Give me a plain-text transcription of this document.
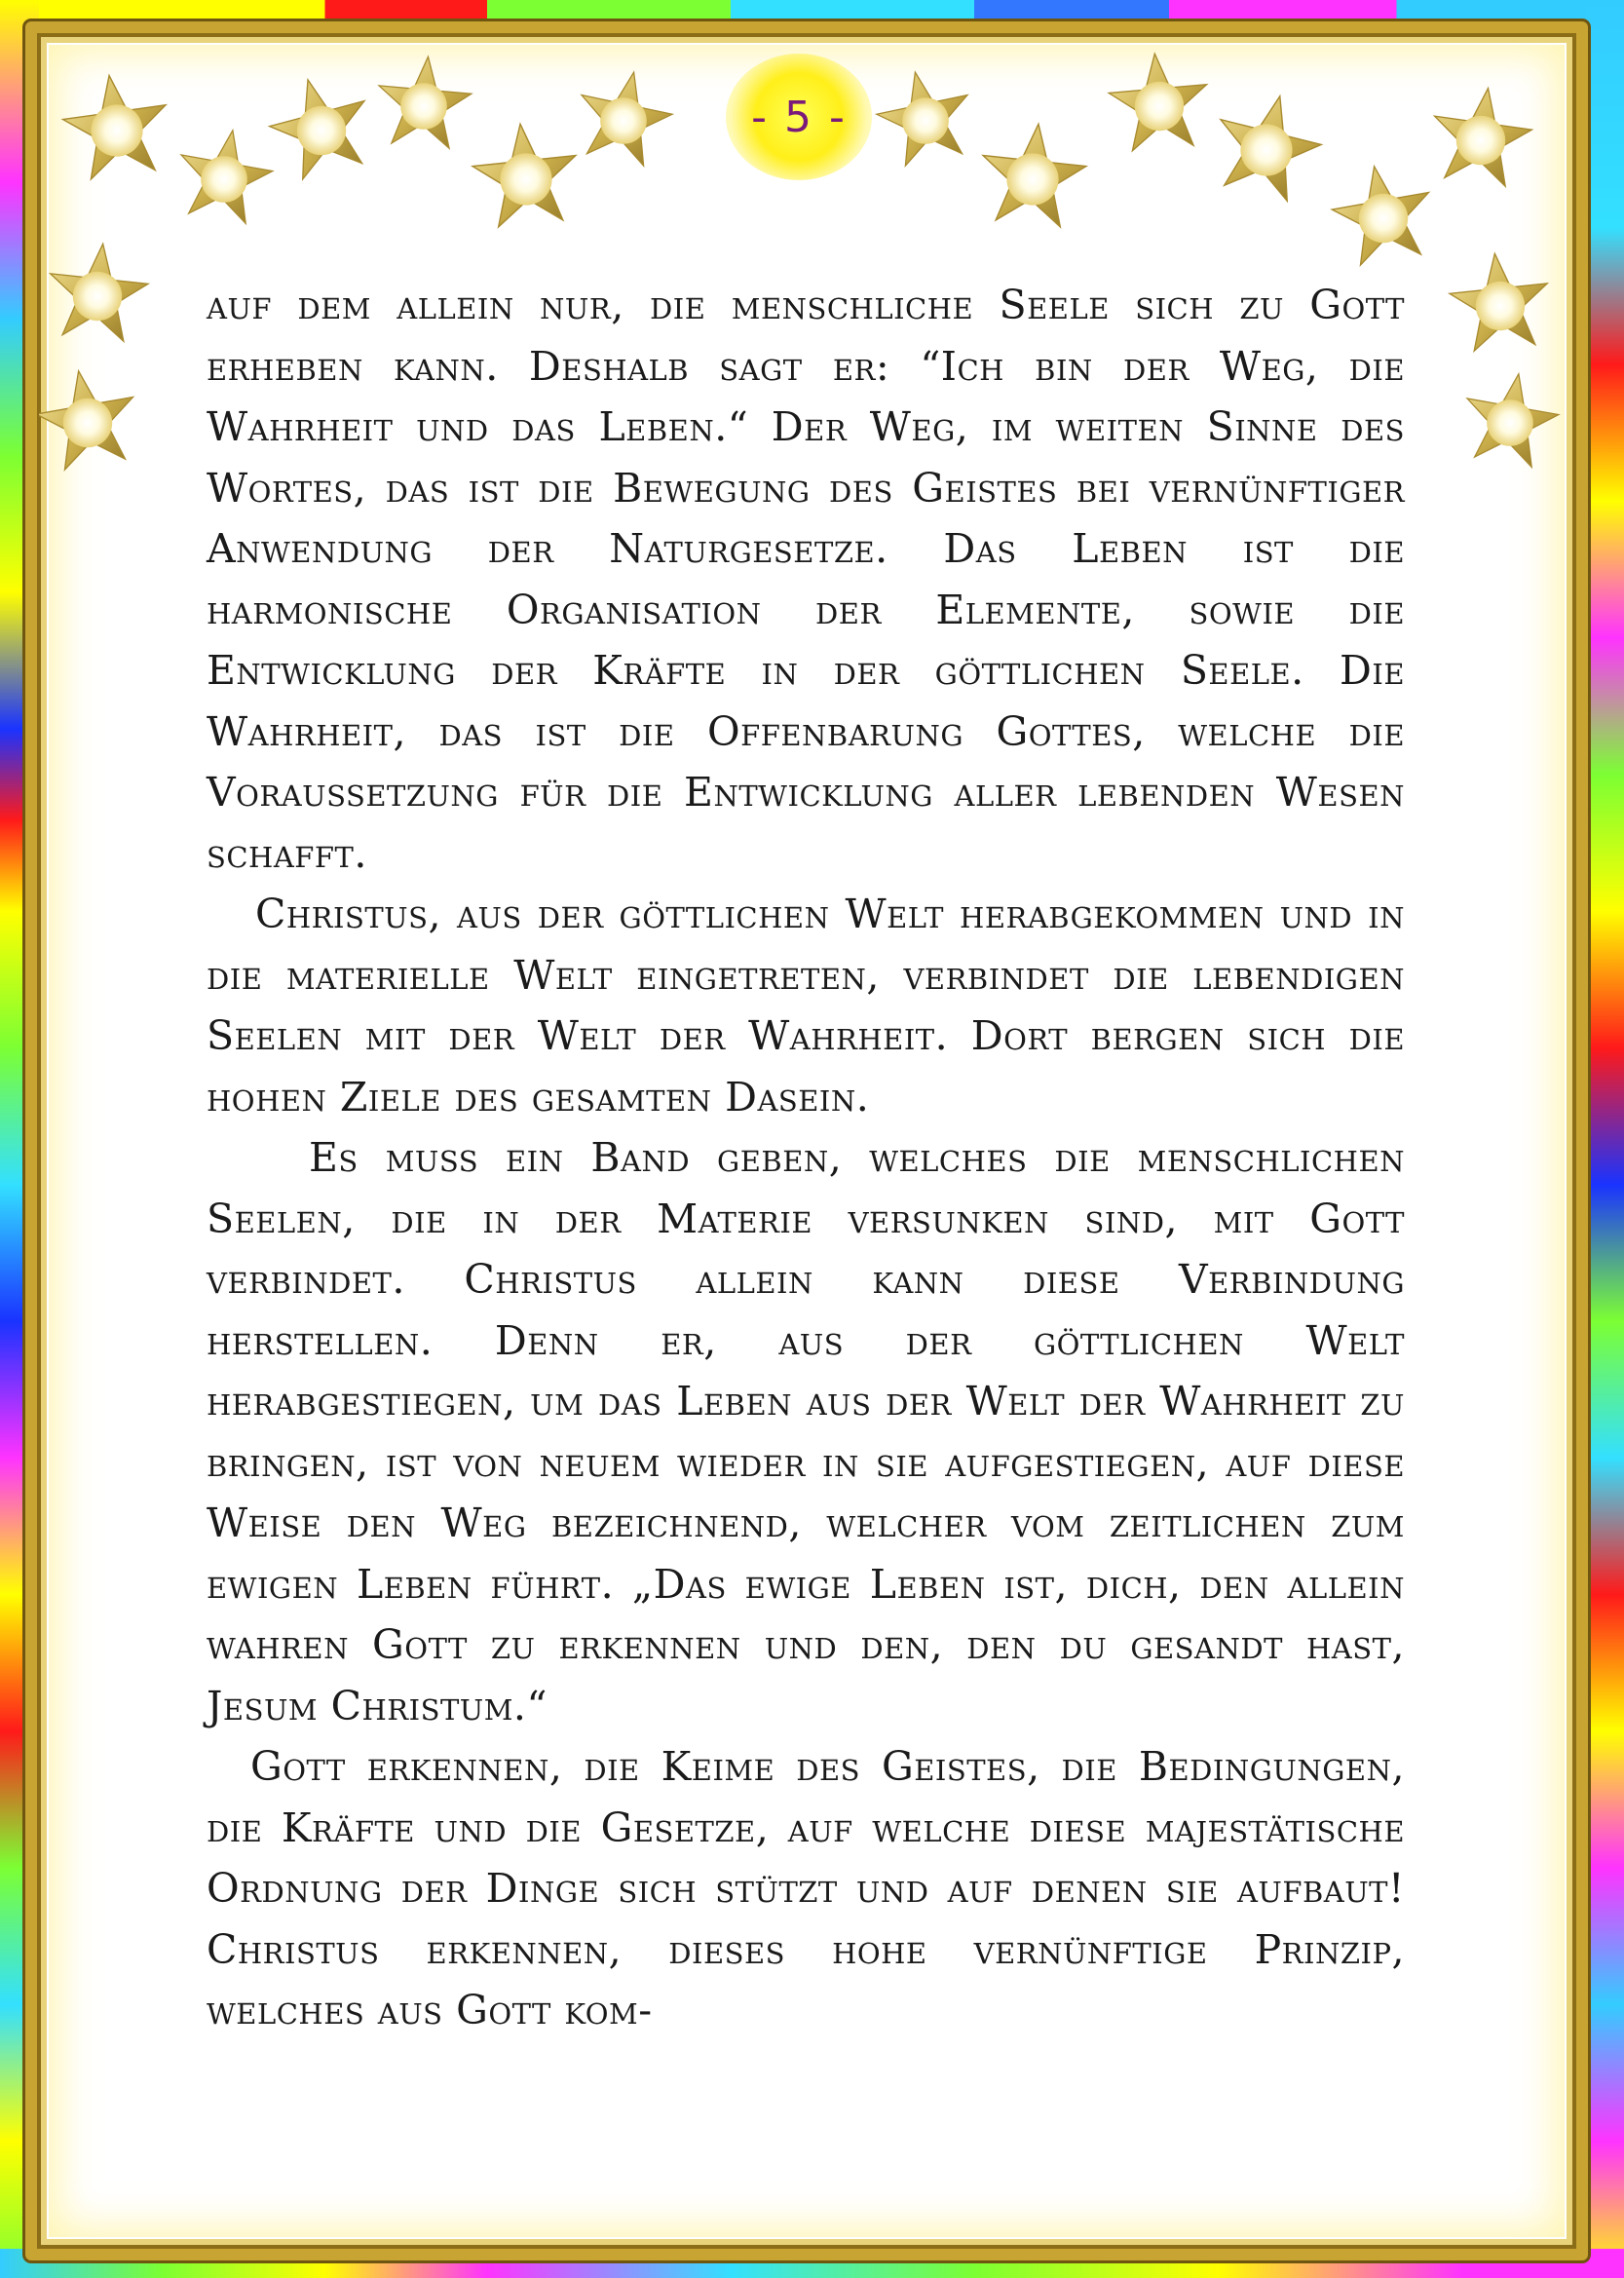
- 5 -

auf dem allein nur, die menschliche Seele sich zu Gott erheben kann. Deshalb sagt er: “Ich bin der Weg, die Wahrheit und das Leben.“ Der Weg, im weiten Sinne des Wortes, das ist die Bewegung des Geistes bei vernünftiger Anwendung der Naturgesetze. Das Leben ist die harmonische Organisation der Elemente, sowie die Entwicklung der Kräfte in der göttlichen Seele. Die Wahrheit, das ist die Offenbarung Gottes, welche die Voraussetzung für die Entwicklung aller lebenden Wesen schafft.

Christus, aus der göttlichen Welt herabgekommen und in die materielle Welt eingetreten, verbindet die lebendigen Seelen mit der Welt der Wahrheit. Dort bergen sich die hohen Ziele des gesamten Dasein.

Es muss ein Band geben, welches die menschlichen Seelen, die in der Materie versunken sind, mit Gott verbindet. Christus allein kann diese Verbindung herstellen. Denn er, aus der göttlichen Welt herabgestiegen, um das Leben aus der Welt der Wahrheit zu bringen, ist von neuem wieder in sie aufgestiegen, auf diese Weise den Weg bezeichnend, welcher vom zeitlichen zum ewigen Leben führt. „Das ewige Leben ist, dich, den allein wahren Gott zu erkennen und den, den du gesandt hast, Jesum Christum.“

Gott erkennen, die Keime des Geistes, die Bedingungen, die Kräfte und die Gesetze, auf welche diese majestätische Ordnung der Dinge sich stützt und auf denen sie aufbaut! Christus erkennen, dieses hohe vernünftige Prinzip, welches aus Gott kom-
